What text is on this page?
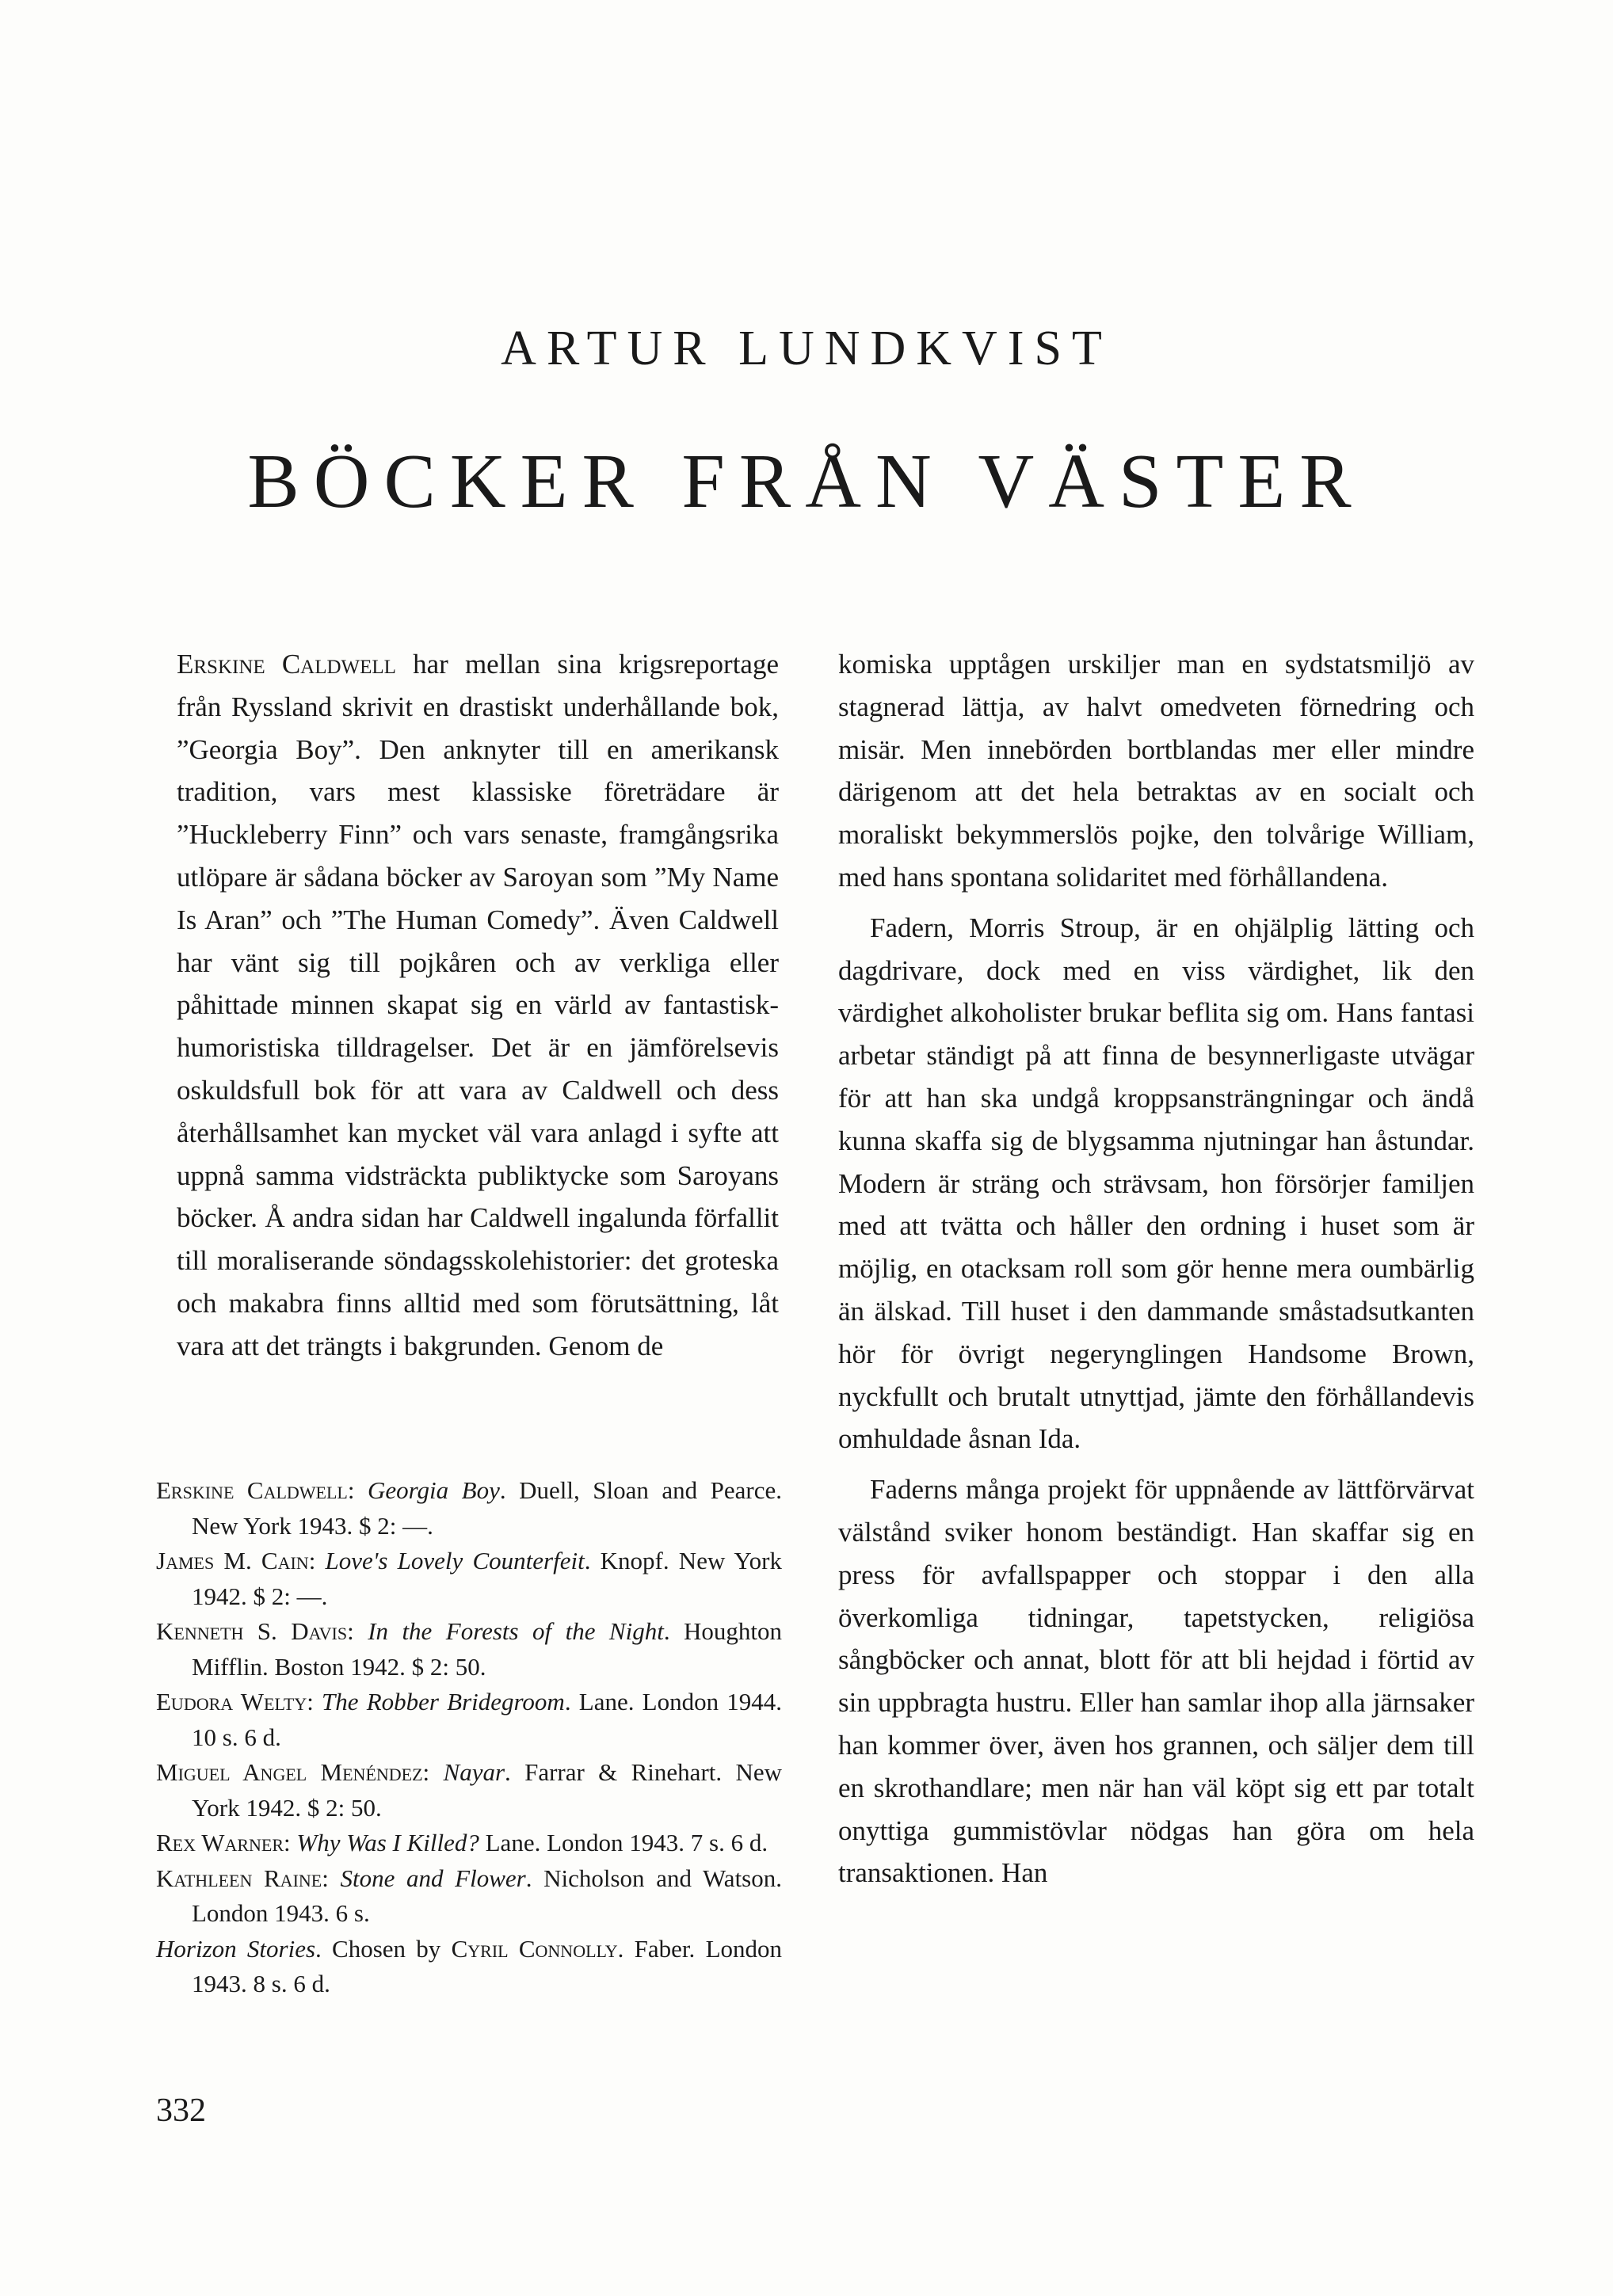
ARTUR LUNDKVIST
BÖCKER FRÅN VÄSTER

Erskine Caldwell har mellan sina krigsreportage från Ryssland skrivit en drastiskt underhållande bok, ”Georgia Boy”. Den anknyter till en amerikansk tradition, vars mest klassiske företrädare är ”Huckleberry Finn” och vars senaste, framgångsrika utlöpare är sådana böcker av Saroyan som ”My Name Is Aran” och ”The Human Comedy”. Även Caldwell har vänt sig till pojkåren och av verkliga eller påhittade minnen skapat sig en värld av fantastisk-humoristiska tilldragelser. Det är en jämförelsevis oskuldsfull bok för att vara av Caldwell och dess återhållsamhet kan mycket väl vara anlagd i syfte att uppnå samma vidsträckta publiktycke som Saroyans böcker. Å andra sidan har Caldwell ingalunda förfallit till moraliserande söndagsskolehistorier: det groteska och makabra finns alltid med som förutsättning, låt vara att det trängts i bakgrunden. Genom de

Erskine Caldwell: Georgia Boy. Duell, Sloan and Pearce. New York 1943. $ 2: —.
James M. Cain: Love's Lovely Counterfeit. Knopf. New York 1942. $ 2: —.
Kenneth S. Davis: In the Forests of the Night. Houghton Mifflin. Boston 1942. $ 2: 50.
Eudora Welty: The Robber Bridegroom. Lane. London 1944. 10 s. 6 d.
Miguel Angel Menéndez: Nayar. Farrar & Rinehart. New York 1942. $ 2: 50.
Rex Warner: Why Was I Killed? Lane. London 1943. 7 s. 6 d.
Kathleen Raine: Stone and Flower. Nicholson and Watson. London 1943. 6 s.
Horizon Stories. Chosen by Cyril Connolly. Faber. London 1943. 8 s. 6 d.

komiska upptågen urskiljer man en sydstatsmiljö av stagnerad lättja, av halvt omedveten förnedring och misär. Men innebörden bortblandas mer eller mindre därigenom att det hela betraktas av en socialt och moraliskt bekymmerslös pojke, den tolvårige William, med hans spontana solidaritet med förhållandena.

Fadern, Morris Stroup, är en ohjälplig lätting och dagdrivare, dock med en viss värdighet, lik den värdighet alkoholister brukar beflita sig om. Hans fantasi arbetar ständigt på att finna de besynnerligaste utvägar för att han ska undgå kroppsansträngningar och ändå kunna skaffa sig de blygsamma njutningar han åstundar. Modern är sträng och strävsam, hon försörjer familjen med att tvätta och håller den ordning i huset som är möjlig, en otacksam roll som gör henne mera oumbärlig än älskad. Till huset i den dammande småstadsutkanten hör för övrigt negerynglingen Handsome Brown, nyckfullt och brutalt utnyttjad, jämte den förhållandevis omhuldade åsnan Ida.

Faderns många projekt för uppnående av lättförvärvat välstånd sviker honom beständigt. Han skaffar sig en press för avfallspapper och stoppar i den alla överkomliga tidningar, tapetstycken, religiösa sångböcker och annat, blott för att bli hejdad i förtid av sin uppbragta hustru. Eller han samlar ihop alla järnsaker han kommer över, även hos grannen, och säljer dem till en skrothandlare; men när han väl köpt sig ett par totalt onyttiga gummistövlar nödgas han göra om hela transaktionen. Han

332
